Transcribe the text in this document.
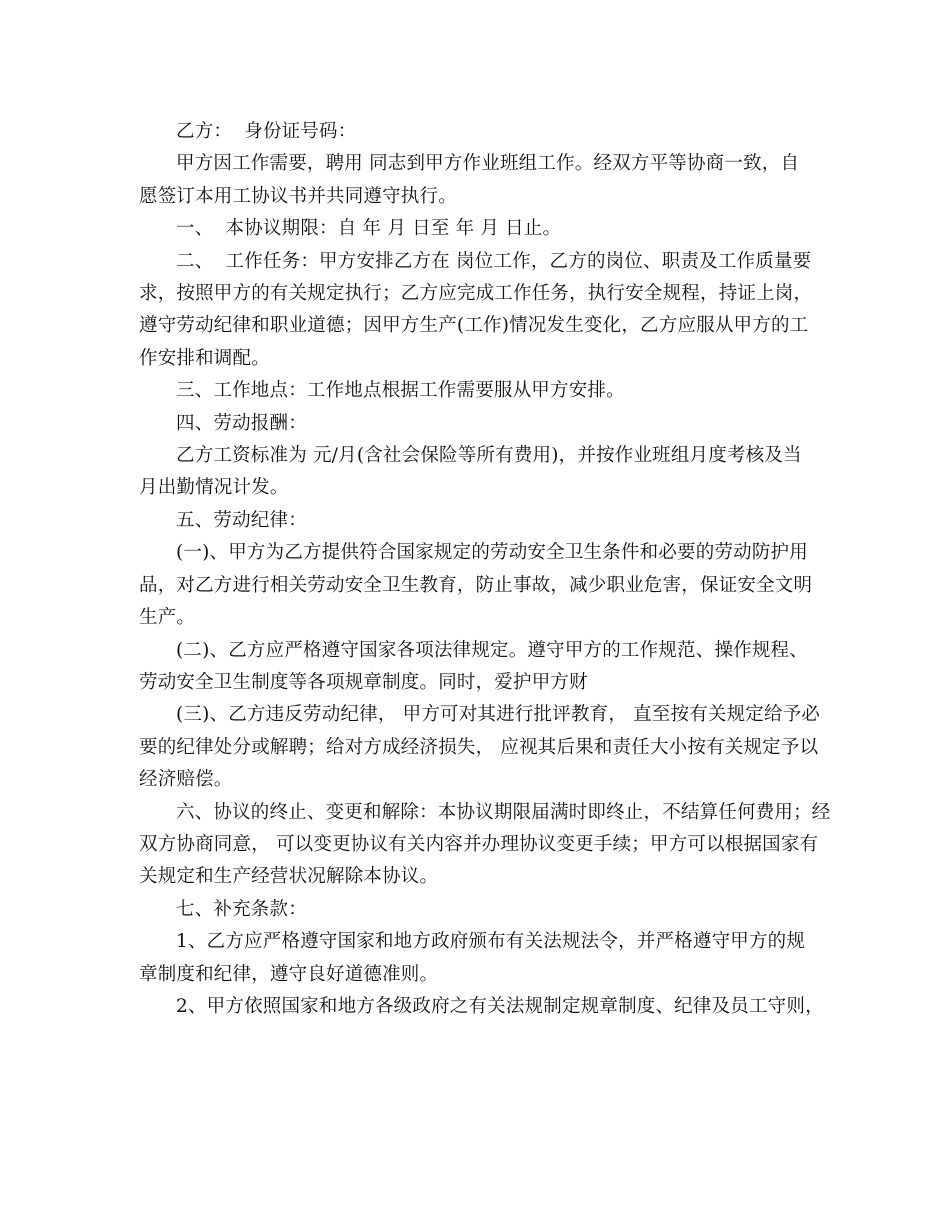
乙方：  身份证号码：

甲方因工作需要，聘用 同志到甲方作业班组工作。经双方平等协商一致，自
愿签订本用工协议书并共同遵守执行。

一、  本协议期限：自 年 月 日至 年 月 日止。

二、  工作任务：甲方安排乙方在 岗位工作，乙方的岗位、职责及工作质量要
求，按照甲方的有关规定执行；乙方应完成工作任务，执行安全规程，持证上岗，
遵守劳动纪律和职业道德；因甲方生产(工作)情况发生变化，乙方应服从甲方的工
作安排和调配。

三、工作地点：工作地点根据工作需要服从甲方安排。

四、劳动报酬：

乙方工资标准为 元/月(含社会保险等所有费用)，并按作业班组月度考核及当
月出勤情况计发。

五、劳动纪律：

(一)、甲方为乙方提供符合国家规定的劳动安全卫生条件和必要的劳动防护用
品，对乙方进行相关劳动安全卫生教育，防止事故，减少职业危害，保证安全文明
生产。

(二)、乙方应严格遵守国家各项法律规定。遵守甲方的工作规范、操作规程、
劳动安全卫生制度等各项规章制度。同时，爱护甲方财

(三)、乙方违反劳动纪律， 甲方可对其进行批评教育， 直至按有关规定给予必
要的纪律处分或解聘；给对方成经济损失， 应视其后果和责任大小按有关规定予以
经济赔偿。

六、协议的终止、变更和解除：本协议期限届满时即终止，不结算任何费用；经
双方协商同意， 可以变更协议有关内容并办理协议变更手续；甲方可以根据国家有
关规定和生产经营状况解除本协议。

七、补充条款：

1、乙方应严格遵守国家和地方政府颁布有关法规法令，并严格遵守甲方的规
章制度和纪律，遵守良好道德准则。

2、甲方依照国家和地方各级政府之有关法规制定规章制度、纪律及员工守则，
